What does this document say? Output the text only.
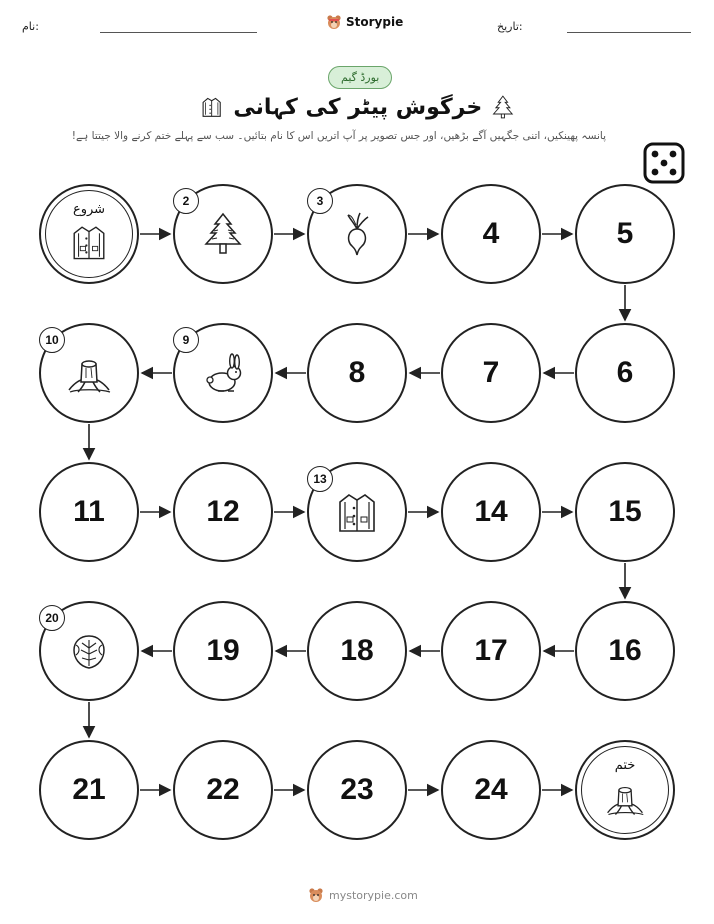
نام:	Storypie	تاریخ:
بورڈ گیم
خرگوش پیٹر کی کہانی
پانسہ پھینکیں، اتنی جگہیں آگے بڑھیں، اور جس تصویر پر آپ اتریں اس کا نام بتائیں۔ سب سے پہلے ختم کرنے والا جیتتا ہے!
شروع
2	3
4	5
6
7
8
9
10
11	12
13
14	15
16
17
18
19
20
21	22	23	24
ختم
mystorypie.com
